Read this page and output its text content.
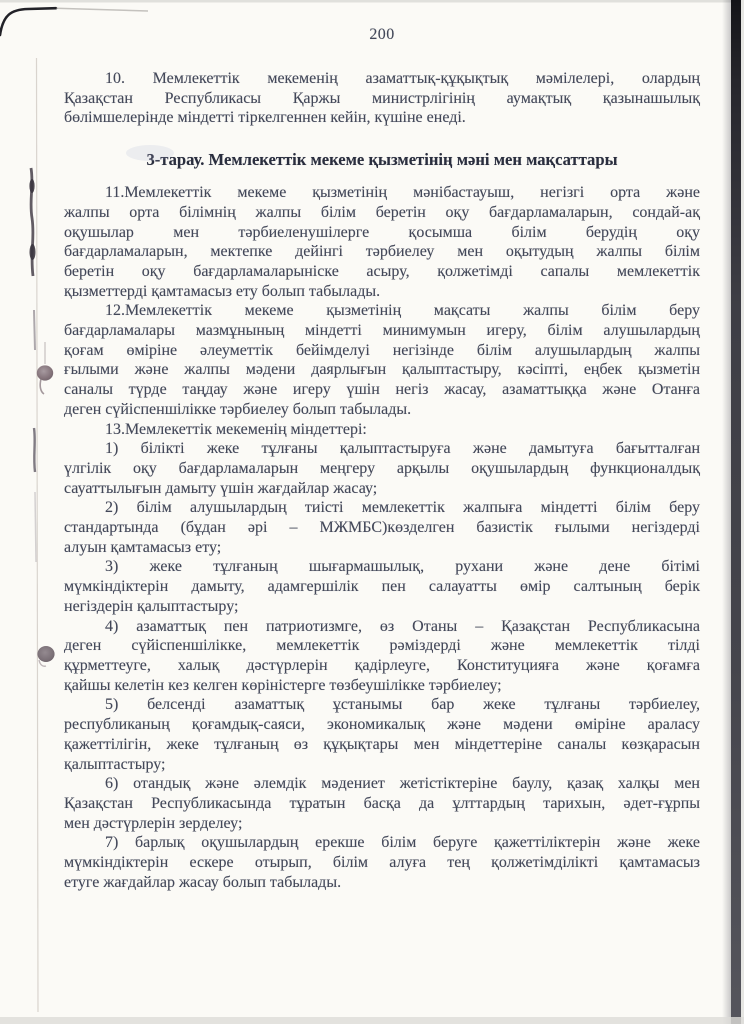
200
10. Мемлекеттік мекеменің азаматтық-құқықтық мәмілелері, олардың
Қазақстан Республикасы Қаржы министрлігінің аумақтық қазынашылық
бөлімшелерінде міндетті тіркелгеннен кейін, күшіне енеді.
3-тарау. Мемлекеттік мекеме қызметінің мәні мен мақсаттары
11.Мемлекеттік мекеме қызметінің мәнібастауыш, негізгі орта және
жалпы орта білімнің жалпы білім беретін оқу бағдарламаларын, сондай-ақ
оқушылар мен тәрбиеленушілерге қосымша білім берудің оқу
бағдарламаларын, мектепке дейінгі тәрбиелеу мен оқытудың жалпы білім
беретін оқу бағдарламаларыніске асыру, қолжетімді сапалы мемлекеттік
қызметтерді қамтамасыз ету болып табылады.
12.Мемлекеттік мекеме қызметінің мақсаты жалпы білім беру
бағдарламалары мазмұнының міндетті минимумын игеру, білім алушылардың
қоғам өміріне әлеуметтік бейімделуі негізінде білім алушылардың жалпы
ғылыми және жалпы мәдени даярлығын қалыптастыру, кәсіпті, еңбек қызметін
саналы түрде таңдау және игеру үшін негіз жасау, азаматтыққа және Отанға
деген сүйіспеншілікке тәрбиелеу болып табылады.
13.Мемлекеттік мекеменің міндеттері:
1) білікті жеке тұлғаны қалыптастыруға және дамытуға бағытталған
үлгілік оқу бағдарламаларын меңгеру арқылы оқушылардың функционалдық
сауаттылығын дамыту үшін жағдайлар жасау;
2) білім алушылардың тиісті мемлекеттік жалпыға міндетті білім беру
стандартында (бұдан әрі – МЖМБС)көзделген базистік ғылыми негіздерді
алуын қамтамасыз ету;
3) жеке тұлғаның шығармашылық, рухани және дене бітімі
мүмкіндіктерін дамыту, адамгершілік пен салауатты өмір салтының берік
негіздерін қалыптастыру;
4) азаматтық пен патриотизмге, өз Отаны – Қазақстан Республикасына
деген сүйіспеншілікке, мемлекеттік рәміздерді және мемлекеттік тілді
құрметтеуге, халық дәстүрлерін қадірлеуге, Конституцияға және қоғамға
қайшы келетін кез келген көріністерге төзбеушілікке тәрбиелеу;
5) белсенді азаматтық ұстанымы бар жеке тұлғаны тәрбиелеу,
республиканың қоғамдық-саяси, экономикалық және мәдени өміріне араласу
қажеттілігін, жеке тұлғаның өз құқықтары мен міндеттеріне саналы көзқарасын
қалыптастыру;
6) отандық және әлемдік мәдениет жетістіктеріне баулу, қазақ халқы мен
Қазақстан Республикасында тұратын басқа да ұлттардың тарихын, әдет-ғұрпы
мен дәстүрлерін зерделеу;
7) барлық оқушылардың ерекше білім беруге қажеттіліктерін және жеке
мүмкіндіктерін ескере отырып, білім алуға тең қолжетімділікті қамтамасыз
етуге жағдайлар жасау болып табылады.
